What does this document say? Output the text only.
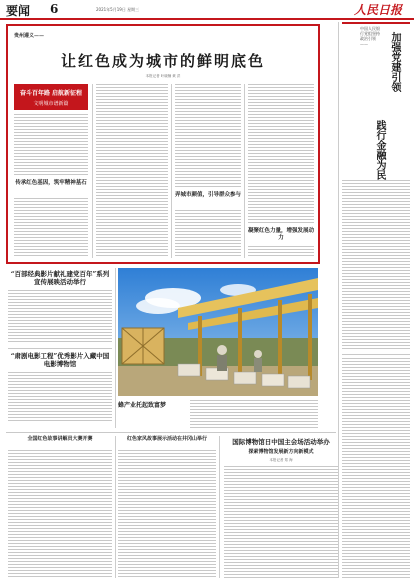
要闻 6	2021年5月19日 星期三	人民日报
贵州遵义——
让红色成为城市的鲜明底色
本报记者 叶晓楠 黄 洪
奋斗百年路 启航新征程
文明城市谱新篇
传承红色基因，筑牢精神基石
弄城市颜值，引导群众参与
凝聚红色力量，增强发展动力
“百部经典影片献礼建党百年”系列宣传展映活动举行
“肃剧电影工程”优秀影片入藏中国电影博物馆
蜂产业托起致富梦
全国红色故事讲解员大赛开赛	红色家风故事展示活动在井冈山举行	国际博物馆日中国主会场活动举办
探索博物馆发展新方向新模式
本报记者 郑 海
中国人民银行党组坚持政治引领——	加强党建引领
践行金融为民
